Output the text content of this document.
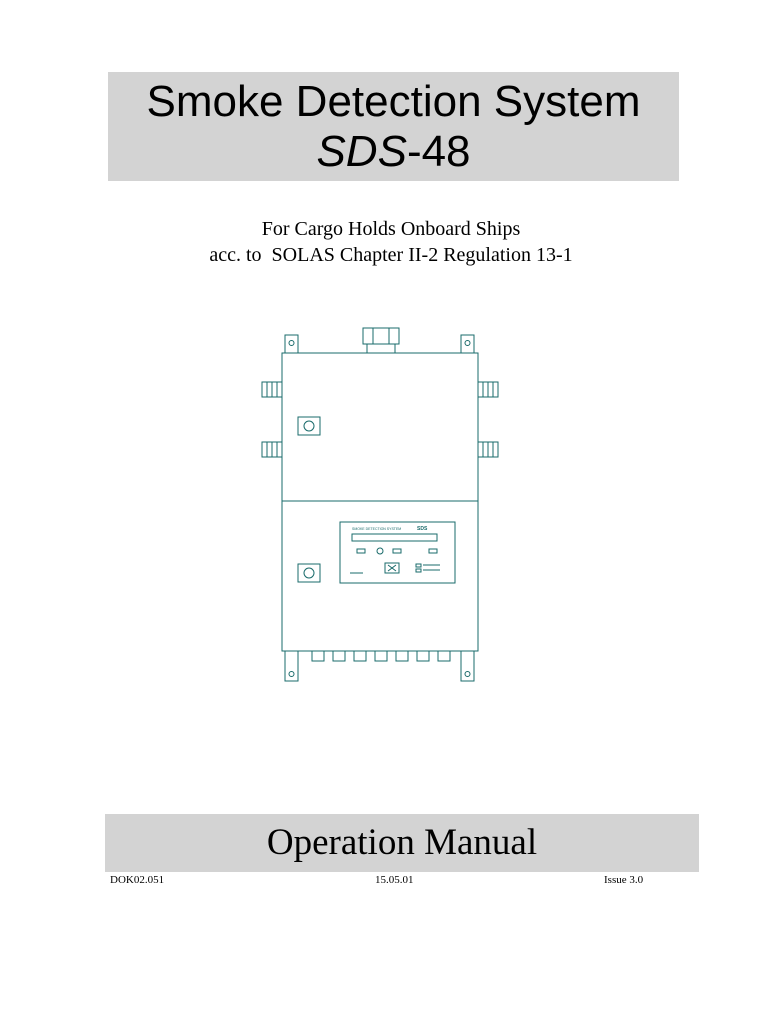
Smoke Detection System
SDS-48
For Cargo Holds Onboard Ships
acc. to  SOLAS Chapter II-2 Regulation 13-1
SMOKE DETECTION SYSTEM	SDS
Operation Manual
DOK02.051	15.05.01	Issue 3.0
